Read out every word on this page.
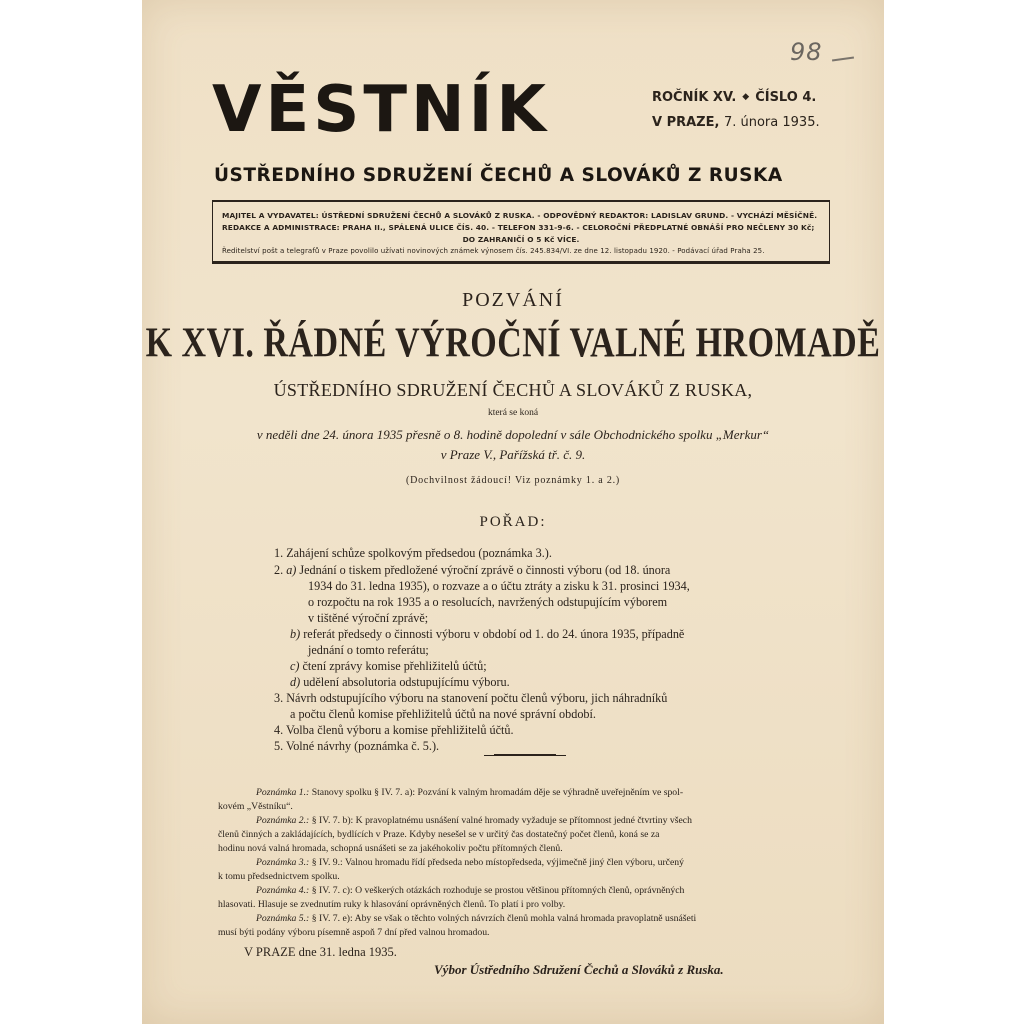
98
VĚSTNÍK	ROČNÍK XV. ◆ ČÍSLO 4.
V PRAZE, 7. února 1935.
ÚSTŘEDNÍHO SDRUŽENÍ ČECHŮ A SLOVÁKŮ Z RUSKA
MAJITEL A VYDAVATEL: ÚSTŘEDNÍ SDRUŽENÍ ČECHŮ A SLOVÁKŮ Z RUSKA. - ODPOVĚDNÝ REDAKTOR: LADISLAV GRUND. - VYCHÁZÍ MĚSÍČNĚ.
REDAKCE A ADMINISTRACE: PRAHA II., SPÁLENÁ ULICE ČÍS. 40. - TELEFON 331-9-6. - CELOROČNÍ PŘEDPLATNÉ OBNÁŠÍ PRO NEČLENY 30 Kč;
DO ZAHRANIČÍ O 5 Kč VÍCE.
Ředitelství pošt a telegrafů v Praze povolilo užívati novinových známek výnosem čís. 245.834/VI. ze dne 12. listopadu 1920. - Podávací úřad Praha 25.
POZVÁNÍ
K XVI. ŘÁDNÉ VÝROČNÍ VALNÉ HROMADĚ
ÚSTŘEDNÍHO SDRUŽENÍ ČECHŮ A SLOVÁKŮ Z RUSKA,
která se koná
v neděli dne 24. února 1935 přesně o 8. hodině dopolední v sále Obchodnického spolku „Merkur“
v Praze V., Pařížská tř. č. 9.
(Dochvilnost žádoucí! Viz poznámky 1. a 2.)
POŘAD:
1. Zahájení schůze spolkovým předsedou (poznámka 3.).
2. a) Jednání o tiskem předložené výroční zprávě o činnosti výboru (od 18. února
1934 do 31. ledna 1935), o rozvaze a o účtu ztráty a zisku k 31. prosinci 1934,
o rozpočtu na rok 1935 a o resolucích, navržených odstupujícím výborem
v tištěné výroční zprávě;
b) referát předsedy o činnosti výboru v období od 1. do 24. února 1935, případně
jednání o tomto referátu;
c) čtení zprávy komise přehližitelů účtů;
d) udělení absolutoria odstupujícímu výboru.
3. Návrh odstupujícího výboru na stanovení počtu členů výboru, jich náhradníků
a počtu členů komise přehližitelů účtů na nové správní období.
4. Volba členů výboru a komise přehližitelů účtů.
5. Volné návrhy (poznámka č. 5.).
Poznámka 1.: Stanovy spolku § IV. 7. a): Pozvání k valným hromadám děje se výhradně uveřejněním ve spol-
kovém „Věstníku“.
Poznámka 2.: § IV. 7. b): K pravoplatnému usnášení valné hromady vyžaduje se přítomnost jedné čtvrtiny všech
členů činných a zakládajících, bydlících v Praze. Kdyby nesešel se v určitý čas dostatečný počet členů, koná se za
hodinu nová valná hromada, schopná usnášeti se za jakéhokoliv počtu přítomných členů.
Poznámka 3.: § IV. 9.: Valnou hromadu řídí předseda nebo místopředseda, výjimečně jiný člen výboru, určený
k tomu předsednictvem spolku.
Poznámka 4.: § IV. 7. c): O veškerých otázkách rozhoduje se prostou většinou přítomných členů, oprávněných
hlasovati. Hlasuje se zvednutím ruky k hlasování oprávněných členů. To platí i pro volby.
Poznámka 5.: § IV. 7. e): Aby se však o těchto volných návrzích členů mohla valná hromada pravoplatně usnášeti
musí býti podány výboru písemně aspoň 7 dní před valnou hromadou.
V PRAZE dne 31. ledna 1935.
Výbor Ústředního Sdružení Čechů a Slováků z Ruska.
